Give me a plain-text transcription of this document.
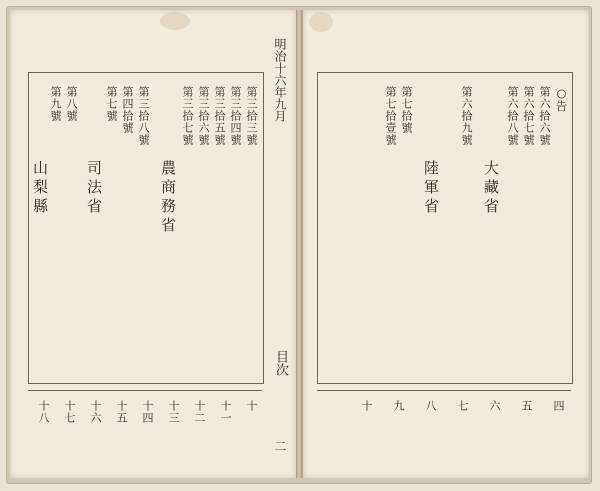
明治十六年九月
目次
第三拾三號
第三拾四號
第三拾五號
第三拾六號
第三拾七號
農商務省
第三拾八號
第四拾號
第七號
司法省
第八號
第九號
山梨縣
十
十一
十二
十三
十四
十五
十六
十七
十八
二
○告
第六拾六號
第六拾七號
第六拾八號
大藏省
第六拾九號
陸軍省
第七拾號
第七拾壹號
四
五
六
七
八
九
十
